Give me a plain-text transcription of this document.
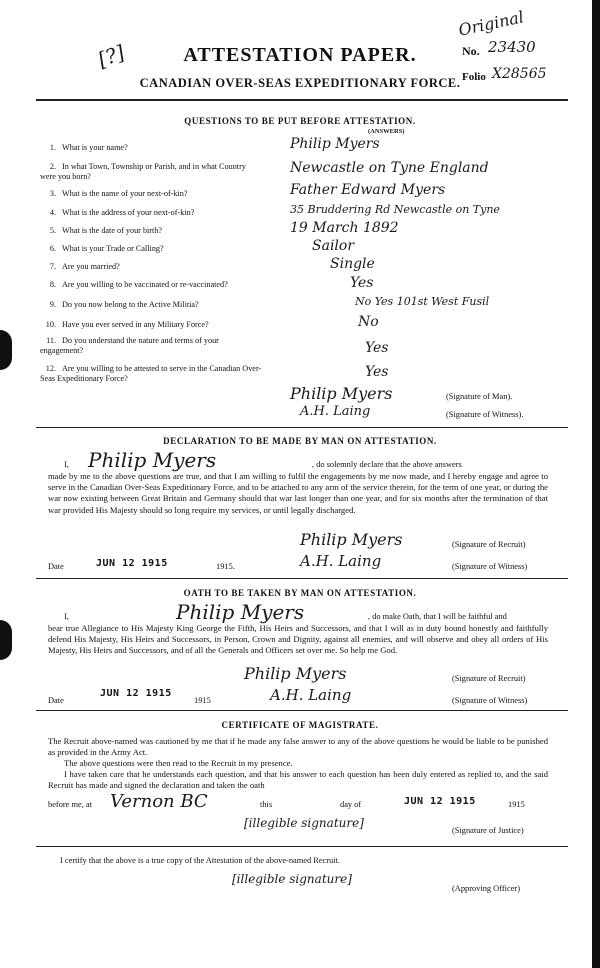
[?]
Original
No. 23430
Folio X28565
ATTESTATION PAPER.
CANADIAN OVER-SEAS EXPEDITIONARY FORCE.
QUESTIONS TO BE PUT BEFORE ATTESTATION.
(ANSWERS)
1. What is your name?	Philip Myers
2. In what Town, Township or Parish, and in what Country were you born?
Newcastle on Tyne England
3. What is the name of your next-of-kin?	Father Edward Myers
4. What is the address of your next-of-kin?	35 Bruddering Rd Newcastle on Tyne
5. What is the date of your birth?	19 March 1892
6. What is your Trade or Calling?	Sailor
7. Are you married?	Single
8. Are you willing to be vaccinated or re-vaccinated?	Yes
9. Do you now belong to the Active Militia?	No Yes 101st West Fusil
10. Have you ever served in any Military Force?	No
11. Do you understand the nature and terms of your engagement?	Yes
12. Are you willing to be attested to serve in the Canadian Over-Seas Expeditionary Force?	Yes
Philip Myers	(Signature of Man).
A.H. Laing	(Signature of Witness).
DECLARATION TO BE MADE BY MAN ON ATTESTATION.
I, Philip Myers	, do solemnly declare that the above answers
made by me to the above questions are true, and that I am willing to fulfil the engagements by me now made, and I hereby engage and agree to serve in the Canadian Over-Seas Expeditionary Force, and to be attached to any arm of the service therein, for the term of one year, or during the war now existing between Great Britain and Germany should that war last longer than one year, and for six months after the termination of that war provided His Majesty should so long require my services, or until legally discharged.
Philip Myers	(Signature of Recruit)
Date	JUN 12 1915	1915.	A.H. Laing	(Signature of Witness)
OATH TO BE TAKEN BY MAN ON ATTESTATION.
I,	Philip Myers	, do make Oath, that I will be faithful and
bear true Allegiance to His Majesty King George the Fifth, His Heirs and Successors, and that I will as in duty bound honestly and faithfully defend His Majesty, His Heirs and Successors, in Person, Crown and Dignity, against all enemies, and will observe and obey all orders of His Majesty, His Heirs and Successors, and of all the Generals and Officers set over me. So help me God.
Philip Myers	(Signature of Recruit)
Date
JUN 12 1915
1915	A.H. Laing	(Signature of Witness)
CERTIFICATE OF MAGISTRATE.
The Recruit above-named was cautioned by me that if he made any false answer to any of the above questions he would be liable to be punished as provided in the Army Act.
The above questions were then read to the Recruit in my presence.
I have taken care that he understands each question, and that his answer to each question has been duly entered as replied to, and the said Recruit has made and signed the declaration and taken the oath
before me, at Vernon BC	this	day of	JUN 12 1915	1915
[illegible signature]
(Signature of Justice)
I certify that the above is a true copy of the Attestation of the above-named Recruit.
[illegible signature]
(Approving Officer)
